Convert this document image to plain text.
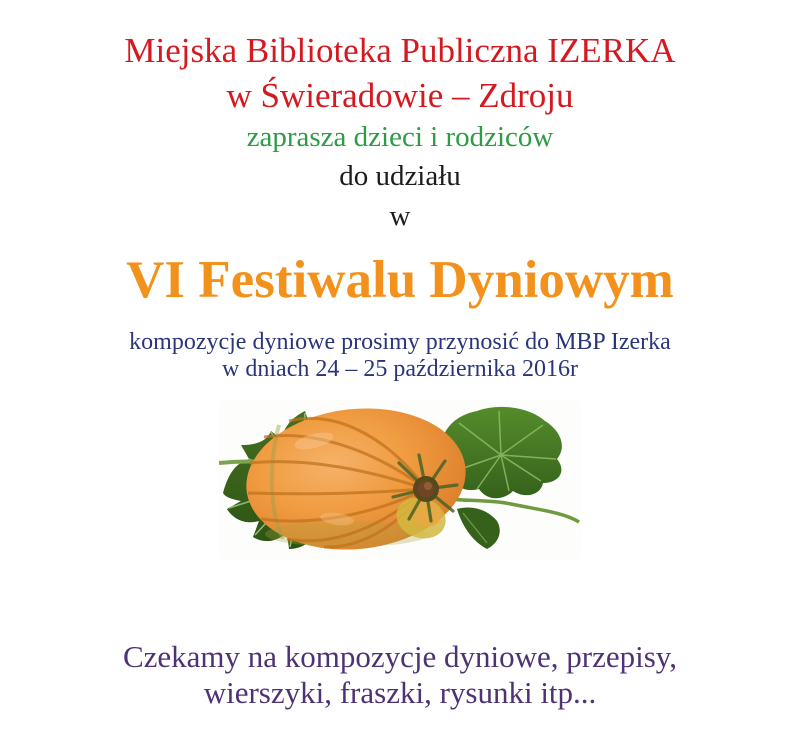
Miejska Biblioteka Publiczna IZERKA
w Świeradowie – Zdroju
zaprasza dzieci i rodziców
do udziału
w
VI Festiwalu Dyniowym
kompozycje dyniowe prosimy przynosić do MBP Izerka
w dniach 24 – 25 października 2016r
Czekamy na kompozycje dyniowe, przepisy,
wierszyki, fraszki, rysunki itp...
